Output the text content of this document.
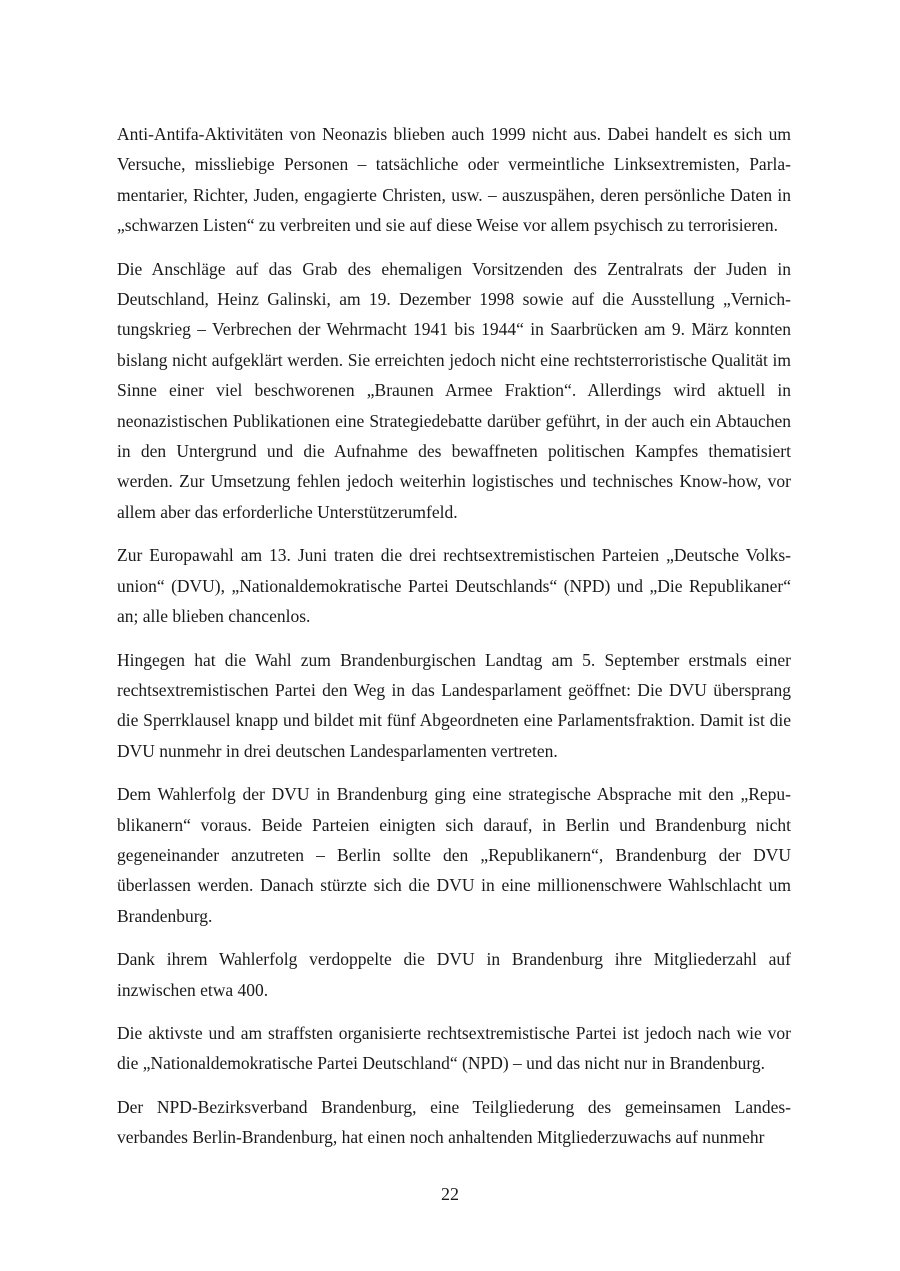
Anti-Antifa-Aktivitäten von Neonazis blieben auch 1999 nicht aus. Dabei handelt es sich um Versuche, missliebige Personen – tatsächliche oder vermeintliche Linksextremisten, Parlamentarier, Richter, Juden, engagierte Christen, usw. – auszuspähen, deren persönliche Daten in „schwarzen Listen“ zu verbreiten und sie auf diese Weise vor allem psychisch zu terrorisieren.

Die Anschläge auf das Grab des ehemaligen Vorsitzenden des Zentralrats der Juden in Deutschland, Heinz Galinski, am 19. Dezember 1998 sowie auf die Ausstellung „Vernichtungskrieg – Verbrechen der Wehrmacht 1941 bis 1944“ in Saarbrücken am 9. März konnten bislang nicht aufgeklärt werden. Sie erreichten jedoch nicht eine rechtsterroristische Qualität im Sinne einer viel beschworenen „Braunen Armee Fraktion“. Allerdings wird aktuell in neonazistischen Publikationen eine Strategiedebatte darüber geführt, in der auch ein Abtauchen in den Untergrund und die Aufnahme des bewaffneten politischen Kampfes thematisiert werden. Zur Umsetzung fehlen jedoch weiterhin logistisches und technisches Know-how, vor allem aber das erforderliche Unterstützerumfeld.

Zur Europawahl am 13. Juni traten die drei rechtsextremistischen Parteien „Deutsche Volksunion“ (DVU), „Nationaldemokratische Partei Deutschlands“ (NPD) und „Die Republikaner“ an; alle blieben chancenlos.

Hingegen hat die Wahl zum Brandenburgischen Landtag am 5. September erstmals einer rechtsextremistischen Partei den Weg in das Landesparlament geöffnet: Die DVU übersprang die Sperrklausel knapp und bildet mit fünf Abgeordneten eine Parlamentsfraktion. Damit ist die DVU nunmehr in drei deutschen Landesparlamenten vertreten.

Dem Wahlerfolg der DVU in Brandenburg ging eine strategische Absprache mit den „Republikanern“ voraus. Beide Parteien einigten sich darauf, in Berlin und Brandenburg nicht gegeneinander anzutreten – Berlin sollte den „Republikanern“, Brandenburg der DVU überlassen werden. Danach stürzte sich die DVU in eine millionenschwere Wahlschlacht um Brandenburg.

Dank ihrem Wahlerfolg verdoppelte die DVU in Brandenburg ihre Mitgliederzahl auf inzwischen etwa 400.

Die aktivste und am straffsten organisierte rechtsextremistische Partei ist jedoch nach wie vor die „Nationaldemokratische Partei Deutschland“ (NPD) – und das nicht nur in Brandenburg.

Der NPD-Bezirksverband Brandenburg, eine Teilgliederung des gemeinsamen Landesverbandes Berlin-Brandenburg, hat einen noch anhaltenden Mitgliederzuwachs auf nunmehr

22
